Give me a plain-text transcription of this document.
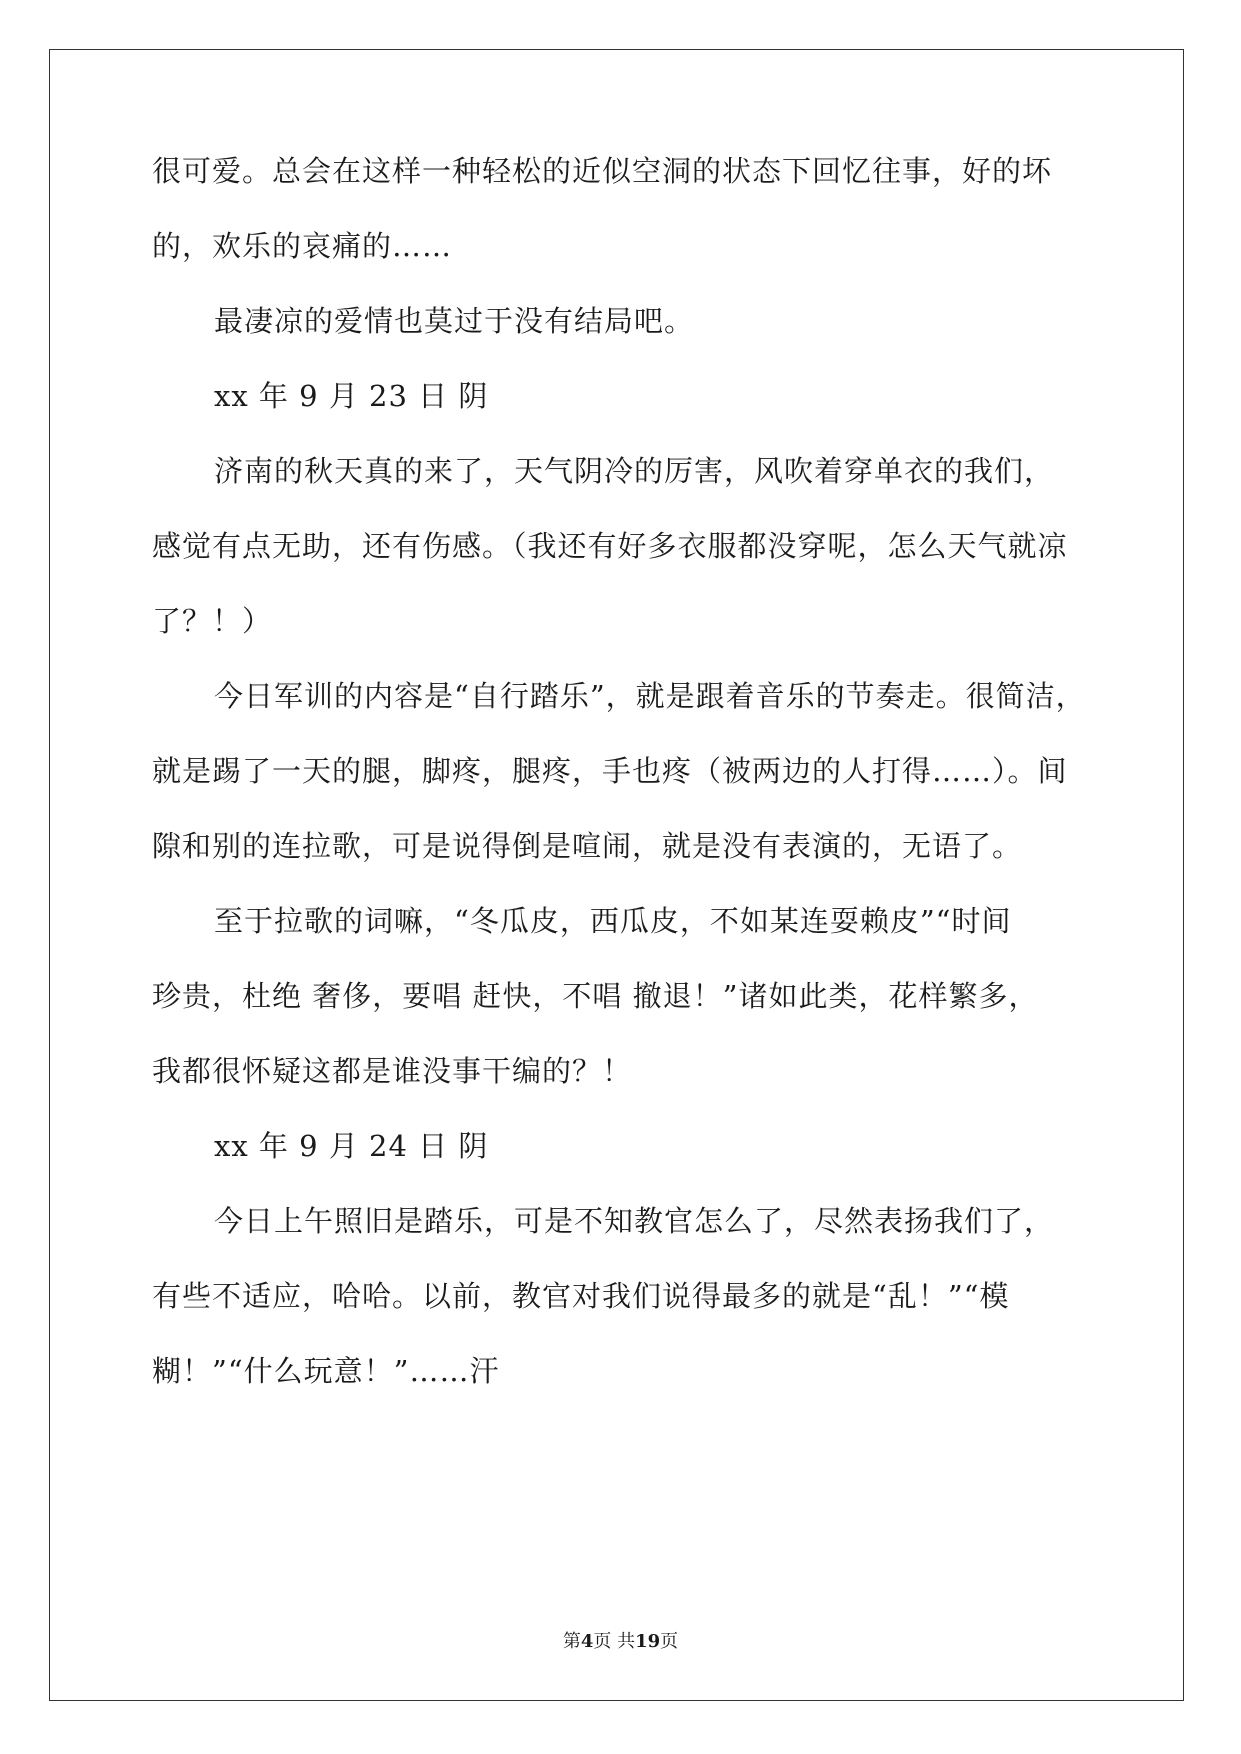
很可爱。总会在这样一种轻松的近似空洞的状态下回忆往事，好的坏
的，欢乐的哀痛的……
最凄凉的爱情也莫过于没有结局吧。
xx 年 9 月 23 日 阴
济南的秋天真的来了，天气阴冷的厉害，风吹着穿单衣的我们，
感觉有点无助，还有伤感。（我还有好多衣服都没穿呢，怎么天气就凉
了？！）
今日军训的内容是“自行踏乐”，就是跟着音乐的节奏走。很简洁，
就是踢了一天的腿，脚疼，腿疼，手也疼（被两边的人打得……）。间
隙和别的连拉歌，可是说得倒是喧闹，就是没有表演的，无语了。
至于拉歌的词嘛，“冬瓜皮，西瓜皮，不如某连耍赖皮”“时间
珍贵，杜绝 奢侈，要唱 赶快，不唱 撤退！”诸如此类，花样繁多，
我都很怀疑这都是谁没事干编的？！
xx 年 9 月 24 日 阴
今日上午照旧是踏乐，可是不知教官怎么了，尽然表扬我们了，
有些不适应，哈哈。以前，教官对我们说得最多的就是“乱！”“模
糊！”“什么玩意！”……汗
第4页 共19页
